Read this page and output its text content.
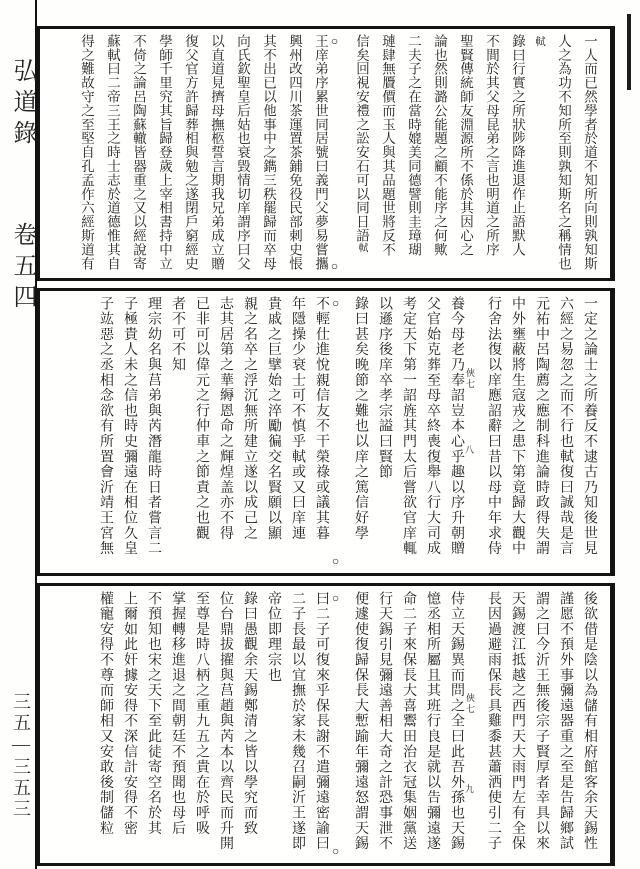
弘道錄
卷五四
三五—三五三
一人而已然學者於道不知所向則孰知斯
人之為功不知所至則孰知斯名之稱情也
軾
錄曰行實之所狀陟降進退作止語默人
不間於其父母昆弟之言也明道之所序
聖賢傳統師友淵源所不係於其因心之
論也然則潞公能題之顧不能序之何歟
二夫子之在當時媲美同德譬則圭璋瑚
璉肆無贗價而玉人與其品題世將反不
信矣回視安禮之訟安石可以同日語軾
○
○
王庠弟序累世同居號曰義門父夢易嘗攜
興州改四川茶運置茶鋪免役民部刺史悵
其不出已以他事中之鐫三秩罷歸而卒母
向氏欽聖皇后姑也衰毀情切庠謂序曰父
以直道見擠母撫柩誓言期我兄弟成立贈
復父官方許歸葬相與勉之遂閉戶窮經史
學師千里究其旨歸登歲上宰相書持中立
不倚之論呂陶蘇轍皆器重之又以經說寄
蘇軾曰二帝三王之時士志於道德惟其自
得之難故守之至堅自孔孟作六經斯道有
一定之論士之所養反不逮古乃知後世見
六經之易忽之而不行也軾復曰誠哉是言
元祐中呂陶薦之應制科進論時政得失謂
中外壅蔽將生寇戎之患下第竟歸大觀中
行舍法復以庠應詔辭曰昔以母中年求侍
俠七
八
養今母老乃奉詔豈本心乎趣以序升朝贈
父官始克葬至母卒終喪復舉八行大司成
考定天下第一詔旌其門太后嘗欲官庠輒
以遜序後庠卒孝宗謚曰賢節
錄曰甚矣晚節之難也以庠之篤信好學
○
○
不輕仕進悅親信友不干榮祿或議其暮
年隱操少衰士可不慎乎軾或又曰庠連
貴戚之巨擘始之淬勵徧交名賢願以顯
親之名卒之浮沉無所建立遂以成己之
志其居第之華縟恩命之輝煌盖亦不得
已非可以偉元之行仲車之節責之也觀
者不可不知
理宗幼名與莒弟與芮潛龍時日者嘗言二
子極貴人未之信也時史彌遠在相位久皇
子竑惡之丞相念欲有所置會沂靖王宮無
後欲借是陰以為儲有相府館客余天錫性
謹愿不預外事彌遠器重之至是告歸鄉試
謂之曰今沂王無後宗子賢厚者幸具以來
天錫渡江抵越之西門天大雨門左有全保
長因過避雨保長具雞黍甚蕭洒使引二子
俠七
九
侍立天錫異而問之全曰此吾外孫也天錫
憶丞相所屬且其班行良是就以告彌遠遂
命二子來保長大喜鬻田治衣冠集姻黨送
行天錫引見彌遠善相大奇之計恐事泄不
便遽使復歸保長大慙踰年彌遠怒謂天錫
○
○
曰二子可復來乎保長謝不遣彌遠密諭曰
二子長最以宜撫於家未幾召嗣沂王遂即
帝位即理宗也
錄曰愚觀余天錫鄭清之皆以學究而致
位台鼎拔擢與莒趙與芮本以齊民而升開
至尊是時八柄之重九五之貴在於呼吸
掌握轉移進退之間朝廷不預聞也母后
不預知也宋之天下至此徒寄空名於其
上爾如此奸據安得不深信計安得不密
權寵安得不尊而師相又安敢後制儲粒
